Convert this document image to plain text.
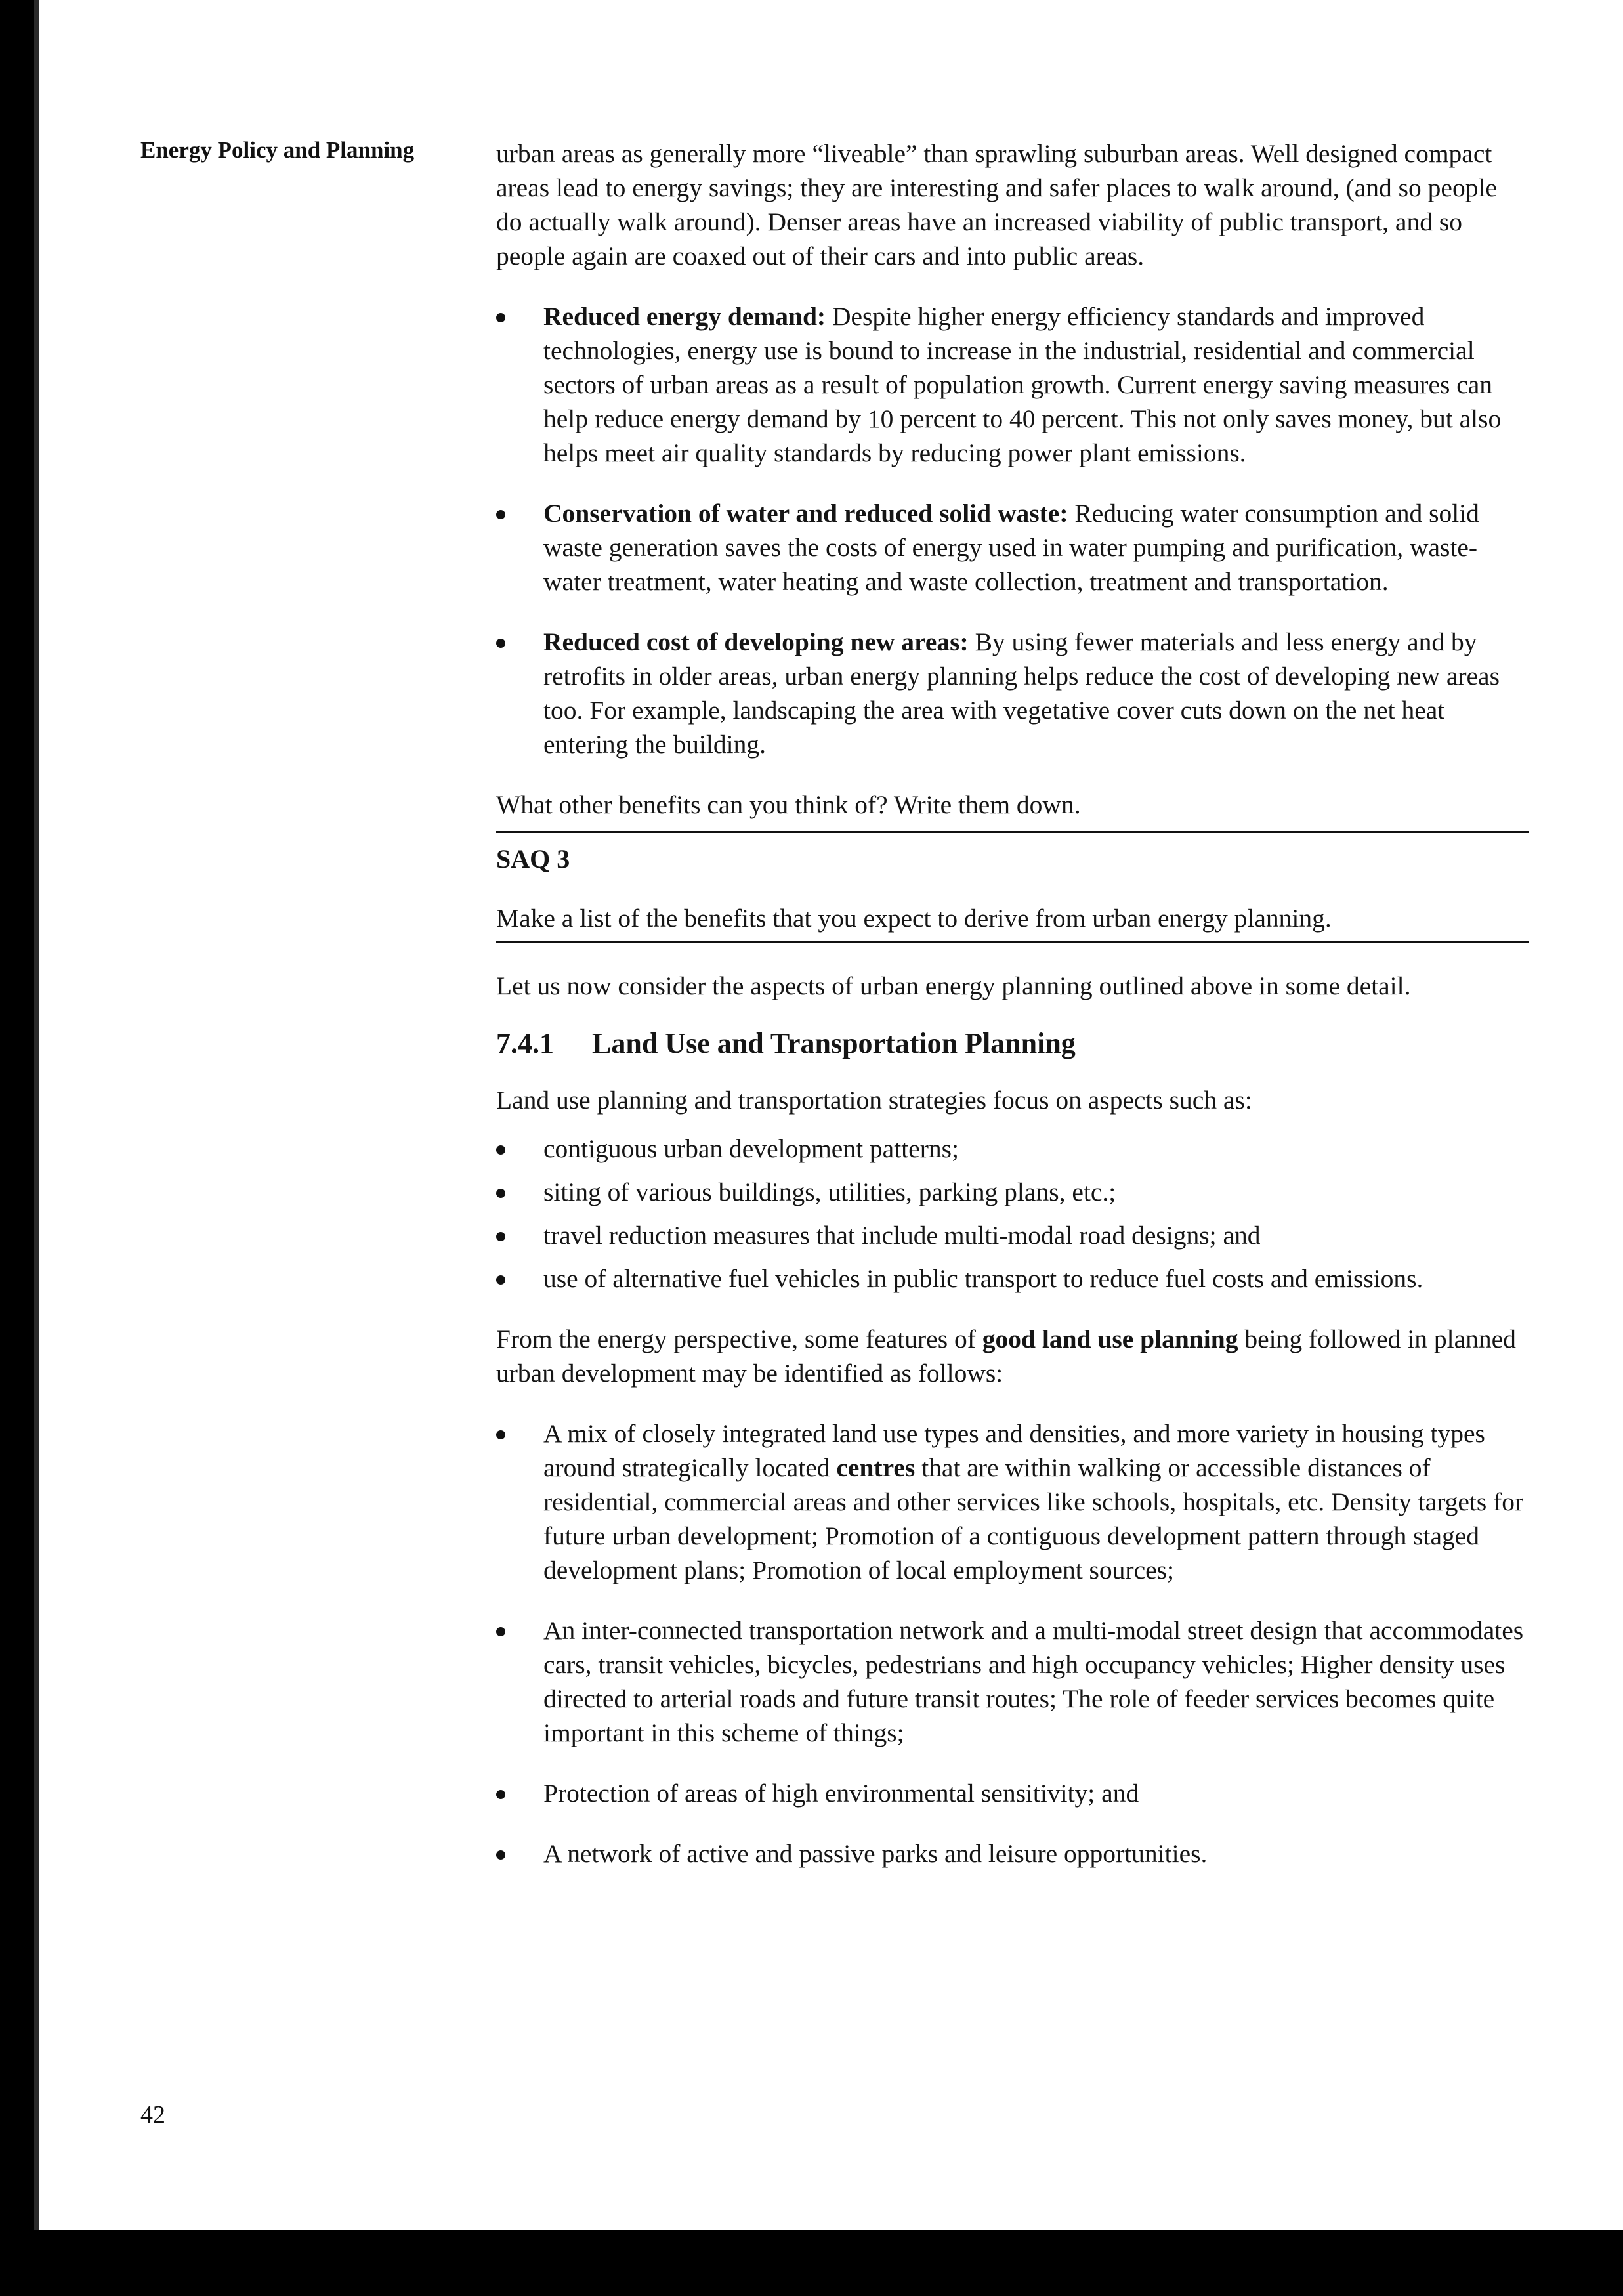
Energy Policy and Planning	urban areas as generally more “liveable” than sprawling suburban areas. Well designed compact areas lead to energy savings; they are interesting and safer places to walk around, (and so people do actually walk around). Denser areas have an increased viability of public transport, and so people again are coaxed out of their cars and into public areas.

Reduced energy demand: Despite higher energy efficiency standards and improved technologies, energy use is bound to increase in the industrial, residential and commercial sectors of urban areas as a result of population growth. Current energy saving measures can help reduce energy demand by 10 percent to 40 percent. This not only saves money, but also helps meet air quality standards by reducing power plant emissions.
Conservation of water and reduced solid waste: Reducing water consumption and solid waste generation saves the costs of energy used in water pumping and purification, waste-water treatment, water heating and waste collection, treatment and transportation.
Reduced cost of developing new areas: By using fewer materials and less energy and by retrofits in older areas, urban energy planning helps reduce the cost of developing new areas too. For example, landscaping the area with vegetative cover cuts down on the net heat entering the building.

What other benefits can you think of? Write them down.

SAQ 3

Make a list of the benefits that you expect to derive from urban energy planning.

Let us now consider the aspects of urban energy planning outlined above in some detail.

7.4.1 Land Use and Transportation Planning

Land use planning and transportation strategies focus on aspects such as:

contiguous urban development patterns;
siting of various buildings, utilities, parking plans, etc.;
travel reduction measures that include multi-modal road designs; and
use of alternative fuel vehicles in public transport to reduce fuel costs and emissions.

From the energy perspective, some features of good land use planning being followed in planned urban development may be identified as follows:

A mix of closely integrated land use types and densities, and more variety in housing types around strategically located centres that are within walking or accessible distances of residential, commercial areas and other services like schools, hospitals, etc. Density targets for future urban development; Promotion of a contiguous development pattern through staged development plans; Promotion of local employment sources;
An inter-connected transportation network and a multi-modal street design that accommodates cars, transit vehicles, bicycles, pedestrians and high occupancy vehicles; Higher density uses directed to arterial roads and future transit routes; The role of feeder services becomes quite important in this scheme of things;
Protection of areas of high environmental sensitivity; and
A network of active and passive parks and leisure opportunities.
42
